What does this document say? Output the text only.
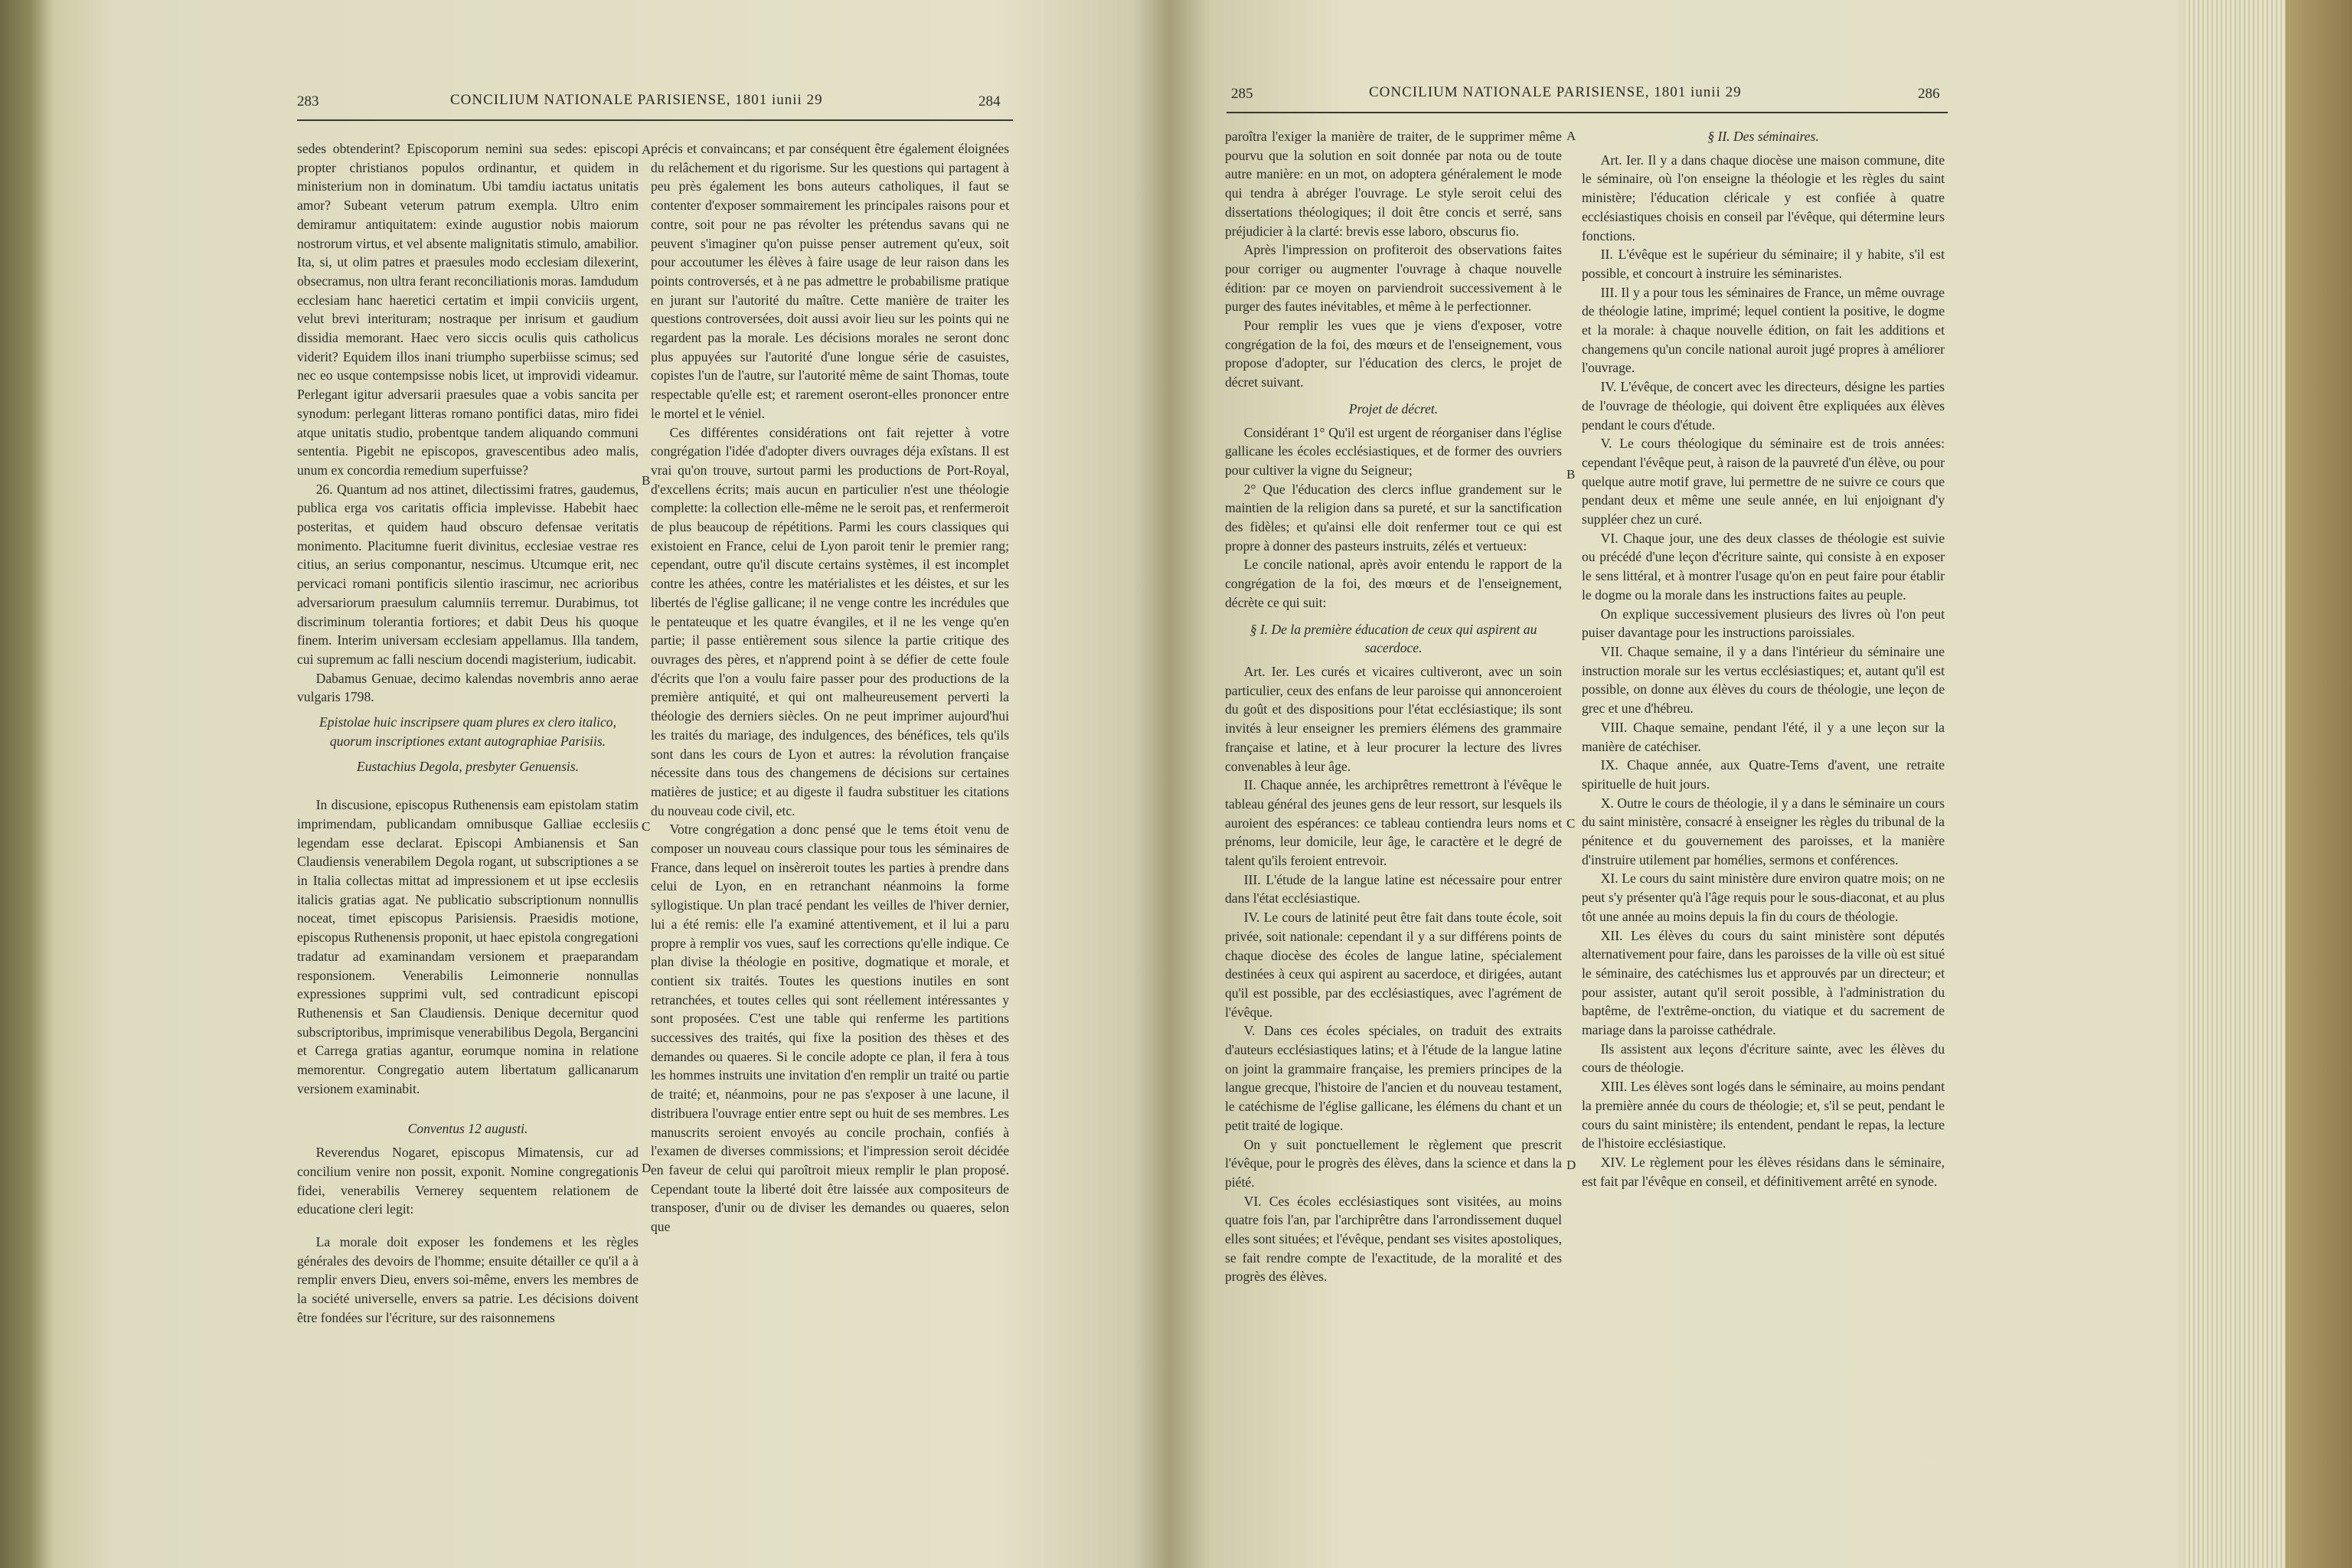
283	CONCILIUM NATIONALE PARISIENSE, 1801 iunii 29	284

sedes obtenderint? Episcoporum nemini sua sedes: episcopi propter christianos populos ordinantur, et quidem in ministerium non in dominatum. Ubi tamdiu iactatus unitatis amor? Subeant veterum patrum exempla. Ultro enim demiramur antiquitatem: exinde augustior nobis maiorum nostrorum virtus, et vel absente malignitatis stimulo, amabilior. Ita, si, ut olim patres et praesules modo ecclesiam dilexerint, obsecramus, non ultra ferant reconciliationis moras. Iamdudum ecclesiam hanc haeretici certatim et impii conviciis urgent, velut brevi interituram; nostraque per inrisum et gaudium dissidia memorant. Haec vero siccis oculis quis catholicus viderit? Equidem illos inani triumpho superbiisse scimus; sed nec eo usque contempsisse nobis licet, ut improvidi videamur. Perlegant igitur adversarii praesules quae a vobis sancita per synodum: perlegant litteras romano pontifici datas, miro fidei atque unitatis studio, probentque tandem aliquando communi sententia. Pigebit ne episcopos, gravescentibus adeo malis, unum ex concordia remedium superfuisse?

26. Quantum ad nos attinet, dilectissimi fratres, gaudemus, publica erga vos caritatis officia implevisse. Habebit haec posteritas, et quidem haud obscuro defensae veritatis monimento. Placitumne fuerit divinitus, ecclesiae vestrae res citius, an serius componantur, nescimus. Utcumque erit, nec pervicaci romani pontificis silentio irascimur, nec acrioribus adversariorum praesulum calumniis terremur. Durabimus, tot discriminum tolerantia fortiores; et dabit Deus his quoque finem. Interim universam ecclesiam appellamus. Illa tandem, cui supremum ac falli nescium docendi magisterium, iudicabit.

Dabamus Genuae, decimo kalendas novembris anno aerae vulgaris 1798.

Epistolae huic inscripsere quam plures ex clero italico, quorum inscriptiones extant autographiae Parisiis.

Eustachius Degola, presbyter Genuensis.

In discusione, episcopus Ruthenensis eam epistolam statim imprimendam, publicandam omnibusque Galliae ecclesiis legendam esse declarat. Episcopi Ambianensis et San Claudiensis venerabilem Degola rogant, ut subscriptiones a se in Italia collectas mittat ad impressionem et ut ipse ecclesiis italicis gratias agat. Ne publicatio subscriptionum nonnullis noceat, timet episcopus Parisiensis. Praesidis motione, episcopus Ruthenensis proponit, ut haec epistola congregationi tradatur ad examinandam versionem et praeparandam responsionem. Venerabilis Leimonnerie nonnullas expressiones supprimi vult, sed contradicunt episcopi Ruthenensis et San Claudiensis. Denique decernitur quod subscriptoribus, imprimisque venerabilibus Degola, Bergancini et Carrega gratias agantur, eorumque nomina in relatione memorentur. Congregatio autem libertatum gallicanarum versionem examinabit.

Conventus 12 augusti.

Reverendus Nogaret, episcopus Mimatensis, cur ad concilium venire non possit, exponit. Nomine congregationis fidei, venerabilis Vernerey sequentem relationem de educatione cleri legit:

La morale doit exposer les fondemens et les règles générales des devoirs de l'homme; ensuite détailler ce qu'il a à remplir envers Dieu, envers soi-même, envers les membres de la société universelle, envers sa patrie. Les décisions doivent être fondées sur l'écriture, sur des raisonnemens

précis et convaincans; et par conséquent être également éloignées du relâchement et du rigorisme. Sur les questions qui partagent à peu près également les bons auteurs catholiques, il faut se contenter d'exposer sommairement les principales raisons pour et contre, soit pour ne pas révolter les prétendus savans qui ne peuvent s'imaginer qu'on puisse penser autrement qu'eux, soit pour accoutumer les élèves à faire usage de leur raison dans les points controversés, et à ne pas admettre le probabilisme pratique en jurant sur l'autorité du maître. Cette manière de traiter les questions controversées, doit aussi avoir lieu sur les points qui ne regardent pas la morale. Les décisions morales ne seront donc plus appuyées sur l'autorité d'une longue série de casuistes, copistes l'un de l'autre, sur l'autorité même de saint Thomas, toute respectable qu'elle est; et rarement oseront-elles prononcer entre le mortel et le véniel.

Ces différentes considérations ont fait rejetter à votre congrégation l'idée d'adopter divers ouvrages déja exîstans. Il est vrai qu'on trouve, surtout parmi les productions de Port-Royal, d'excellens écrits; mais aucun en particulier n'est une théologie complette: la collection elle-même ne le seroit pas, et renfermeroit de plus beaucoup de répétitions. Parmi les cours classiques qui existoient en France, celui de Lyon paroit tenir le premier rang; cependant, outre qu'il discute certains systèmes, il est incomplet contre les athées, contre les matérialistes et les déistes, et sur les libertés de l'église gallicane; il ne venge contre les incrédules que le pentateuque et les quatre évangiles, et il ne les venge qu'en partie; il passe entièrement sous silence la partie critique des ouvrages des pères, et n'apprend point à se défier de cette foule d'écrits que l'on a voulu faire passer pour des productions de la première antiquité, et qui ont malheureusement perverti la théologie des derniers siècles. On ne peut imprimer aujourd'hui les traités du mariage, des indulgences, des bénéfices, tels qu'ils sont dans les cours de Lyon et autres: la révolution française nécessite dans tous des changemens de décisions sur certaines matières de justice; et au digeste il faudra substituer les citations du nouveau code civil, etc.

Votre congrégation a donc pensé que le tems étoit venu de composer un nouveau cours classique pour tous les séminaires de France, dans lequel on insèreroit toutes les parties à prendre dans celui de Lyon, en en retranchant néanmoins la forme syllogistique. Un plan tracé pendant les veilles de l'hiver dernier, lui a été remis: elle l'a examiné attentivement, et il lui a paru propre à remplir vos vues, sauf les corrections qu'elle indique. Ce plan divise la théologie en positive, dogmatique et morale, et contient six traités. Toutes les questions inutiles en sont retranchées, et toutes celles qui sont réellement intéressantes y sont proposées. C'est une table qui renferme les partitions successives des traités, qui fixe la position des thèses et des demandes ou quaeres. Si le concile adopte ce plan, il fera à tous les hommes instruits une invitation d'en remplir un traité ou partie de traité; et, néanmoins, pour ne pas s'exposer à une lacune, il distribuera l'ouvrage entier entre sept ou huit de ses membres. Les manuscrits seroient envoyés au concile prochain, confiés à l'examen de diverses commissions; et l'impression seroit décidée en faveur de celui qui paroîtroit mieux remplir le plan proposé. Cependant toute la liberté doit être laissée aux compositeurs de transposer, d'unir ou de diviser les demandes ou quaeres, selon que

A
B
C
D
285	CONCILIUM NATIONALE PARISIENSE, 1801 iunii 29	286

paroîtra l'exiger la manière de traiter, de le supprimer même pourvu que la solution en soit donnée par nota ou de toute autre manière: en un mot, on adoptera généralement le mode qui tendra à abréger l'ouvrage. Le style seroit celui des dissertations théologiques; il doit être concis et serré, sans préjudicier à la clarté: brevis esse laboro, obscurus fio.

Après l'impression on profiteroit des observations faites pour corriger ou augmenter l'ouvrage à chaque nouvelle édition: par ce moyen on parviendroit successivement à le purger des fautes inévitables, et même à le perfectionner.

Pour remplir les vues que je viens d'exposer, votre congrégation de la foi, des mœurs et de l'enseignement, vous propose d'adopter, sur l'éducation des clercs, le projet de décret suivant.

Projet de décret.

Considérant 1° Qu'il est urgent de réorganiser dans l'église gallicane les écoles ecclésiastiques, et de former des ouvriers pour cultiver la vigne du Seigneur;

2° Que l'éducation des clercs influe grandement sur le maintien de la religion dans sa pureté, et sur la sanctification des fidèles; et qu'ainsi elle doit renfermer tout ce qui est propre à donner des pasteurs instruits, zélés et vertueux:

Le concile national, après avoir entendu le rapport de la congrégation de la foi, des mœurs et de l'enseignement, décrète ce qui suit:

§ I. De la première éducation de ceux qui aspirent au sacerdoce.

Art. Ier. Les curés et vicaires cultiveront, avec un soin particulier, ceux des enfans de leur paroisse qui annonceroient du goût et des dispositions pour l'état ecclésiastique; ils sont invités à leur enseigner les premiers élémens des grammaire française et latine, et à leur procurer la lecture des livres convenables à leur âge.

II. Chaque année, les archiprêtres remettront à l'évêque le tableau général des jeunes gens de leur ressort, sur lesquels ils auroient des espérances: ce tableau contiendra leurs noms et prénoms, leur domicile, leur âge, le caractère et le degré de talent qu'ils feroient entrevoir.

III. L'étude de la langue latine est nécessaire pour entrer dans l'état ecclésiastique.

IV. Le cours de latinité peut être fait dans toute école, soit privée, soit nationale: cependant il y a sur différens points de chaque diocèse des écoles de langue latine, spécialement destinées à ceux qui aspirent au sacerdoce, et dirigées, autant qu'il est possible, par des ecclésiastiques, avec l'agrément de l'évêque.

V. Dans ces écoles spéciales, on traduit des extraits d'auteurs ecclésiastiques latins; et à l'étude de la langue latine on joint la grammaire française, les premiers principes de la langue grecque, l'histoire de l'ancien et du nouveau testament, le catéchisme de l'église gallicane, les élémens du chant et un petit traité de logique.

On y suit ponctuellement le règlement que prescrit l'évêque, pour le progrès des élèves, dans la science et dans la piété.

VI. Ces écoles ecclésiastiques sont visitées, au moins quatre fois l'an, par l'archiprêtre dans l'arrondissement duquel elles sont situées; et l'évêque, pendant ses visites apostoliques, se fait rendre compte de l'exactitude, de la moralité et des progrès des élèves.

§ II. Des séminaires.

Art. Ier. Il y a dans chaque diocèse une maison commune, dite le séminaire, où l'on enseigne la théologie et les règles du saint ministère; l'éducation cléricale y est confiée à quatre ecclésiastiques choisis en conseil par l'évêque, qui détermine leurs fonctions.

II. L'évêque est le supérieur du séminaire; il y habite, s'il est possible, et concourt à instruire les séminaristes.

III. Il y a pour tous les séminaires de France, un même ouvrage de théologie latine, imprimé; lequel contient la positive, le dogme et la morale: à chaque nouvelle édition, on fait les additions et changemens qu'un concile national auroit jugé propres à améliorer l'ouvrage.

IV. L'évêque, de concert avec les directeurs, désigne les parties de l'ouvrage de théologie, qui doivent être expliquées aux élèves pendant le cours d'étude.

V. Le cours théologique du séminaire est de trois années: cependant l'évêque peut, à raison de la pauvreté d'un élève, ou pour quelque autre motif grave, lui permettre de ne suivre ce cours que pendant deux et même une seule année, en lui enjoignant d'y suppléer chez un curé.

VI. Chaque jour, une des deux classes de théologie est suivie ou précédé d'une leçon d'écriture sainte, qui consiste à en exposer le sens littéral, et à montrer l'usage qu'on en peut faire pour établir le dogme ou la morale dans les instructions faites au peuple.

On explique successivement plusieurs des livres où l'on peut puiser davantage pour les instructions paroissiales.

VII. Chaque semaine, il y a dans l'intérieur du séminaire une instruction morale sur les vertus ecclésiastiques; et, autant qu'il est possible, on donne aux élèves du cours de théologie, une leçon de grec et une d'hébreu.

VIII. Chaque semaine, pendant l'été, il y a une leçon sur la manière de catéchiser.

IX. Chaque année, aux Quatre-Tems d'avent, une retraite spirituelle de huit jours.

X. Outre le cours de théologie, il y a dans le séminaire un cours du saint ministère, consacré à enseigner les règles du tribunal de la pénitence et du gouvernement des paroisses, et la manière d'instruire utilement par homélies, sermons et conférences.

XI. Le cours du saint ministère dure environ quatre mois; on ne peut s'y présenter qu'à l'âge requis pour le sous-diaconat, et au plus tôt une année au moins depuis la fin du cours de théologie.

XII. Les élèves du cours du saint ministère sont députés alternativement pour faire, dans les paroisses de la ville où est situé le séminaire, des catéchismes lus et approuvés par un directeur; et pour assister, autant qu'il seroit possible, à l'administration du baptême, de l'extrême-onction, du viatique et du sacrement de mariage dans la paroisse cathédrale.

Ils assistent aux leçons d'écriture sainte, avec les élèves du cours de théologie.

XIII. Les élèves sont logés dans le séminaire, au moins pendant la première année du cours de théologie; et, s'il se peut, pendant le cours du saint ministère; ils entendent, pendant le repas, la lecture de l'histoire ecclésiastique.

XIV. Le règlement pour les élèves résidans dans le séminaire, est fait par l'évêque en conseil, et définitivement arrêté en synode.

A
B
C
D
